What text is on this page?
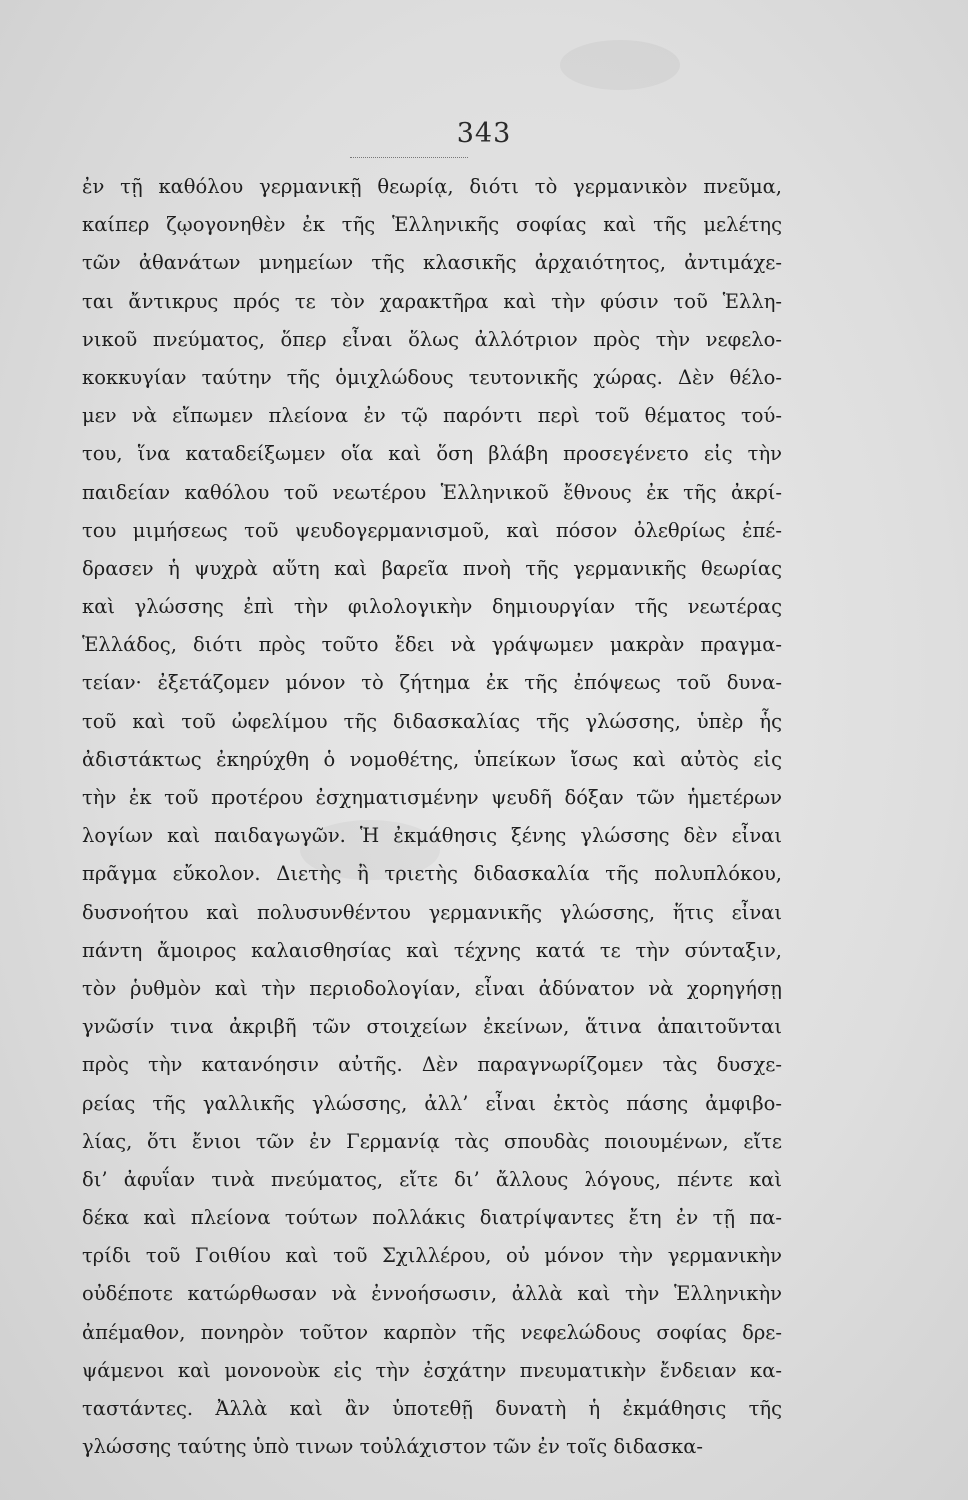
343
ἐν τῇ καθόλου γερμανικῇ θεωρίᾳ, διότι τὸ γερμανικὸν πνεῦμα,
καίπερ ζῳογονηθὲν ἐκ τῆς Ἑλληνικῆς σοφίας καὶ τῆς μελέτης
τῶν ἀθανάτων μνημείων τῆς κλασικῆς ἀρχαιότητος, ἀντιμάχε-
ται ἄντικρυς πρός τε τὸν χαρακτῆρα καὶ τὴν φύσιν τοῦ Ἑλλη-
νικοῦ πνεύματος, ὅπερ εἶναι ὅλως ἀλλότριον πρὸς τὴν νεφελο-
κοκκυγίαν ταύτην τῆς ὁμιχλώδους τευτονικῆς χώρας. Δὲν θέλο-
μεν νὰ εἴπωμεν πλείονα ἐν τῷ παρόντι περὶ τοῦ θέματος τού-
του, ἵνα καταδείξωμεν οἵα καὶ ὅση βλάβη προσεγένετο εἰς τὴν
παιδείαν καθόλου τοῦ νεωτέρου Ἑλληνικοῦ ἔθνους ἐκ τῆς ἀκρί-
του μιμήσεως τοῦ ψευδογερμανισμοῦ, καὶ πόσον ὀλεθρίως ἐπέ-
δρασεν ἡ ψυχρὰ αὕτη καὶ βαρεῖα πνοὴ τῆς γερμανικῆς θεωρίας
καὶ γλώσσης ἐπὶ τὴν φιλολογικὴν δημιουργίαν τῆς νεωτέρας
Ἑλλάδος, διότι πρὸς τοῦτο ἔδει νὰ γράψωμεν μακρὰν πραγμα-
τείαν· ἐξετάζομεν μόνον τὸ ζήτημα ἐκ τῆς ἐπόψεως τοῦ δυνα-
τοῦ καὶ τοῦ ὠφελίμου τῆς διδασκαλίας τῆς γλώσσης, ὑπὲρ ἧς
ἀδιστάκτως ἐκηρύχθη ὁ νομοθέτης, ὑπείκων ἴσως καὶ αὐτὸς εἰς
τὴν ἐκ τοῦ προτέρου ἐσχηματισμένην ψευδῆ δόξαν τῶν ἡμετέρων
λογίων καὶ παιδαγωγῶν. Ἡ ἐκμάθησις ξένης γλώσσης δὲν εἶναι
πρᾶγμα εὔκολον. Διετὴς ἢ τριετὴς διδασκαλία τῆς πολυπλόκου,
δυσνοήτου καὶ πολυσυνθέντου γερμανικῆς γλώσσης, ἥτις εἶναι
πάντη ἄμοιρος καλαισθησίας καὶ τέχνης κατά τε τὴν σύνταξιν,
τὸν ῥυθμὸν καὶ τὴν περιοδολογίαν, εἶναι ἀδύνατον νὰ χορηγήσῃ
γνῶσίν τινα ἀκριβῆ τῶν στοιχείων ἐκείνων, ἅτινα ἀπαιτοῦνται
πρὸς τὴν κατανόησιν αὐτῆς. Δὲν παραγνωρίζομεν τὰς δυσχε-
ρείας τῆς γαλλικῆς γλώσσης, ἀλλ’ εἶναι ἐκτὸς πάσης ἀμφιβο-
λίας, ὅτι ἔνιοι τῶν ἐν Γερμανίᾳ τὰς σπουδὰς ποιουμένων, εἴτε
δι’ ἀφυΐαν τινὰ πνεύματος, εἴτε δι’ ἄλλους λόγους, πέντε καὶ
δέκα καὶ πλείονα τούτων πολλάκις διατρίψαντες ἔτη ἐν τῇ πα-
τρίδι τοῦ Γοιθίου καὶ τοῦ Σχιλλέρου, οὐ μόνον τὴν γερμανικὴν
οὐδέποτε κατώρθωσαν νὰ ἐννοήσωσιν, ἀλλὰ καὶ τὴν Ἑλληνικὴν
ἀπέμαθον, πονηρὸν τοῦτον καρπὸν τῆς νεφελώδους σοφίας δρε-
ψάμενοι καὶ μονονοὺκ εἰς τὴν ἐσχάτην πνευματικὴν ἔνδειαν κα-
ταστάντες. Ἀλλὰ καὶ ἂν ὑποτεθῇ δυνατὴ ἡ ἐκμάθησις τῆς
γλώσσης ταύτης ὑπὸ τινων τοὐλάχιστον τῶν ἐν τοῖς διδασκα-
